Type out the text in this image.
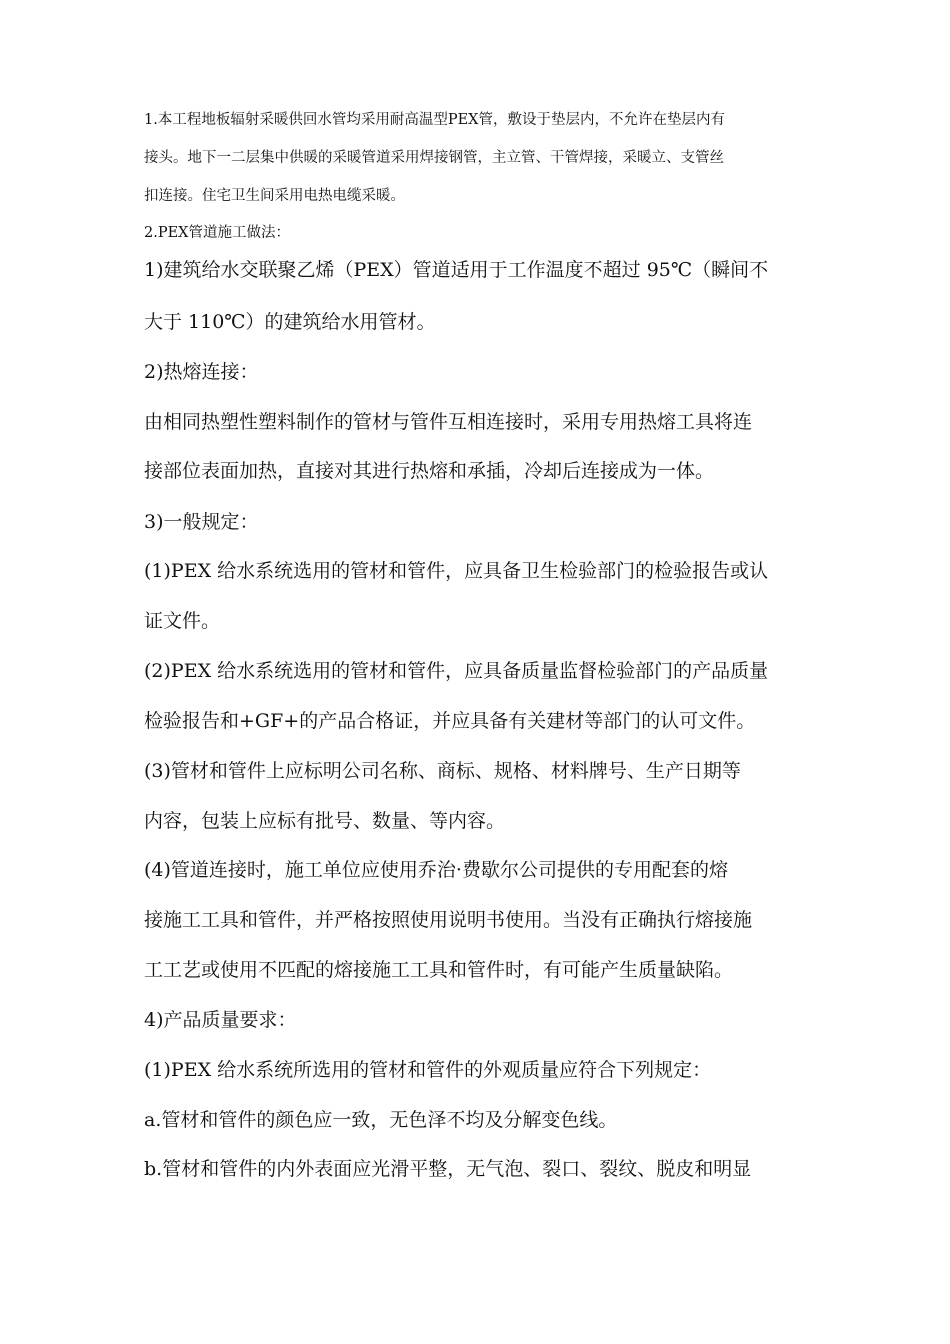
1.本工程地板辐射采暖供回水管均采用耐高温型PEX管，敷设于垫层内，不允许在垫层内有
接头。地下一二层集中供暖的采暖管道采用焊接钢管，主立管、干管焊接，采暖立、支管丝
扣连接。住宅卫生间采用电热电缆采暖。
2.PEX管道施工做法：
1)建筑给水交联聚乙烯（PEX）管道适用于工作温度不超过 95℃（瞬间不
大于 110℃）的建筑给水用管材。
2)热熔连接：
由相同热塑性塑料制作的管材与管件互相连接时，采用专用热熔工具将连
接部位表面加热，直接对其进行热熔和承插，冷却后连接成为一体。
3)一般规定：
(1)PEX 给水系统选用的管材和管件，应具备卫生检验部门的检验报告或认
证文件。
(2)PEX 给水系统选用的管材和管件，应具备质量监督检验部门的产品质量
检验报告和+GF+的产品合格证，并应具备有关建材等部门的认可文件。
(3)管材和管件上应标明公司名称、商标、规格、材料牌号、生产日期等
内容，包装上应标有批号、数量、等内容。
(4)管道连接时，施工单位应使用乔治·费歇尔公司提供的专用配套的熔
接施工工具和管件，并严格按照使用说明书使用。当没有正确执行熔接施
工工艺或使用不匹配的熔接施工工具和管件时，有可能产生质量缺陷。
4)产品质量要求：
(1)PEX 给水系统所选用的管材和管件的外观质量应符合下列规定：
a.管材和管件的颜色应一致，无色泽不均及分解变色线。
b.管材和管件的内外表面应光滑平整，无气泡、裂口、裂纹、脱皮和明显
